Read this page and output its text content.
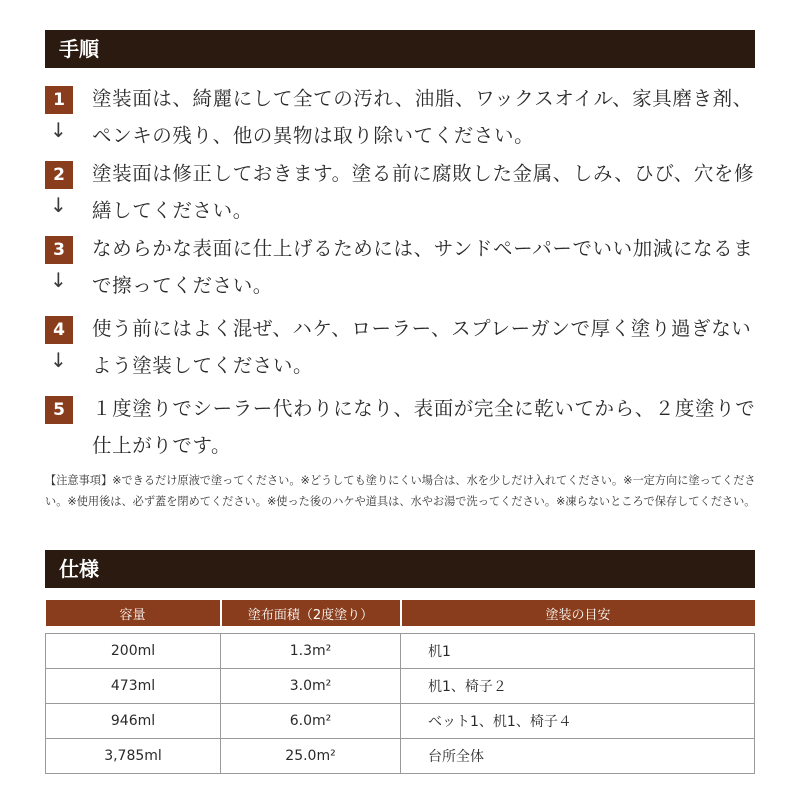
手順
1
↓
塗装面は、綺麗にして全ての汚れ、油脂、ワックスオイル、家具磨き剤、ペンキの残り、他の異物は取り除いてください。
2
↓
塗装面は修正しておきます。塗る前に腐敗した金属、しみ、ひび、穴を修繕してください。
3
↓
なめらかな表面に仕上げるためには、サンドペーパーでいい加減になるまで擦ってください。
4
↓
使う前にはよく混ぜ、ハケ、ローラー、スプレーガンで厚く塗り過ぎないよう塗装してください。
5	１度塗りでシーラー代わりになり、表面が完全に乾いてから、２度塗りで仕上がりです。
【注意事項】※できるだけ原液で塗ってください。※どうしても塗りにくい場合は、水を少しだけ入れてください。※一定方向に塗ってください。※使用後は、必ず蓋を閉めてください。※使った後のハケや道具は、水やお湯で洗ってください。※凍らないところで保存してください。
仕様
容量	塗布面積（2度塗り）	塗装の目安

200ml	1.3m²	机1
473ml	3.0m²	机1、椅子２
946ml	6.0m²	ベット1、机1、椅子４
3,785ml	25.0m²	台所全体
